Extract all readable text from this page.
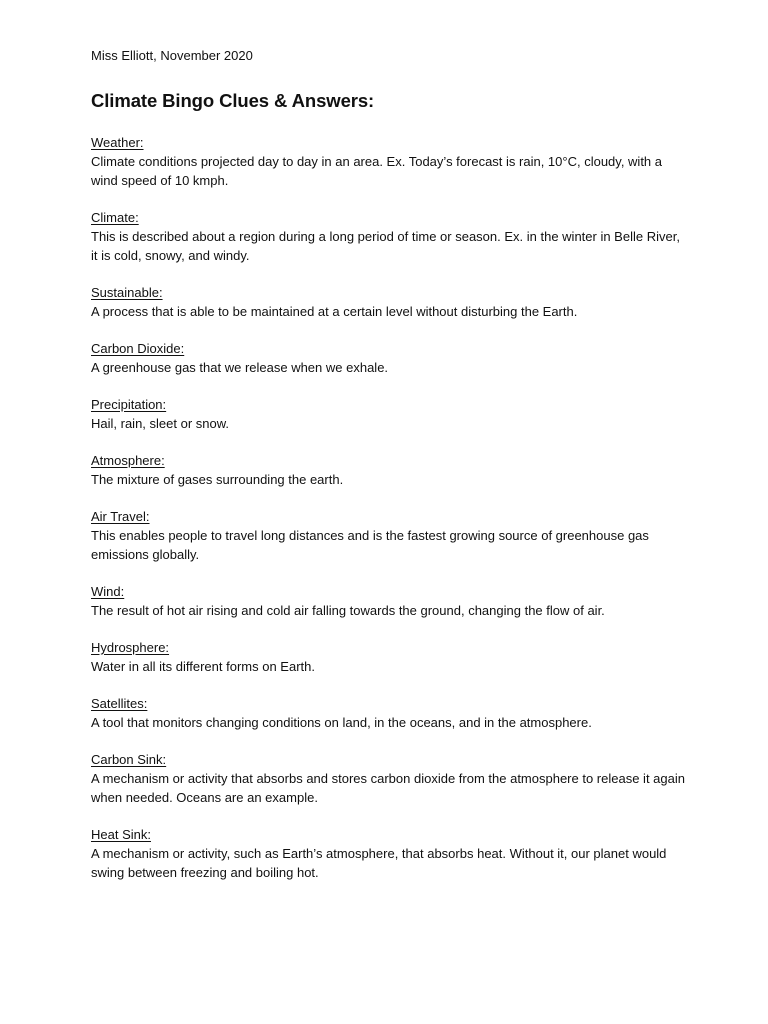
Miss Elliott, November 2020

Climate Bingo Clues & Answers:
Weather:

Climate conditions projected day to day in an area. Ex. Today’s forecast is rain, 10°C, cloudy, with a wind speed of 10 kmph.

Climate:

This is described about a region during a long period of time or season. Ex. in the winter in Belle River, it is cold, snowy, and windy.

Sustainable:

A process that is able to be maintained at a certain level without disturbing the Earth.

Carbon Dioxide:

A greenhouse gas that we release when we exhale.

Precipitation:

Hail, rain, sleet or snow.

Atmosphere:

The mixture of gases surrounding the earth.

Air Travel:

This enables people to travel long distances and is the fastest growing source of greenhouse gas emissions globally.

Wind:

The result of hot air rising and cold air falling towards the ground, changing the flow of air.

Hydrosphere:

Water in all its different forms on Earth.

Satellites:

A tool that monitors changing conditions on land, in the oceans, and in the atmosphere.

Carbon Sink:

A mechanism or activity that absorbs and stores carbon dioxide from the atmosphere to release it again when needed. Oceans are an example.

Heat Sink:

A mechanism or activity, such as Earth’s atmosphere, that absorbs heat. Without it, our planet would swing between freezing and boiling hot.
